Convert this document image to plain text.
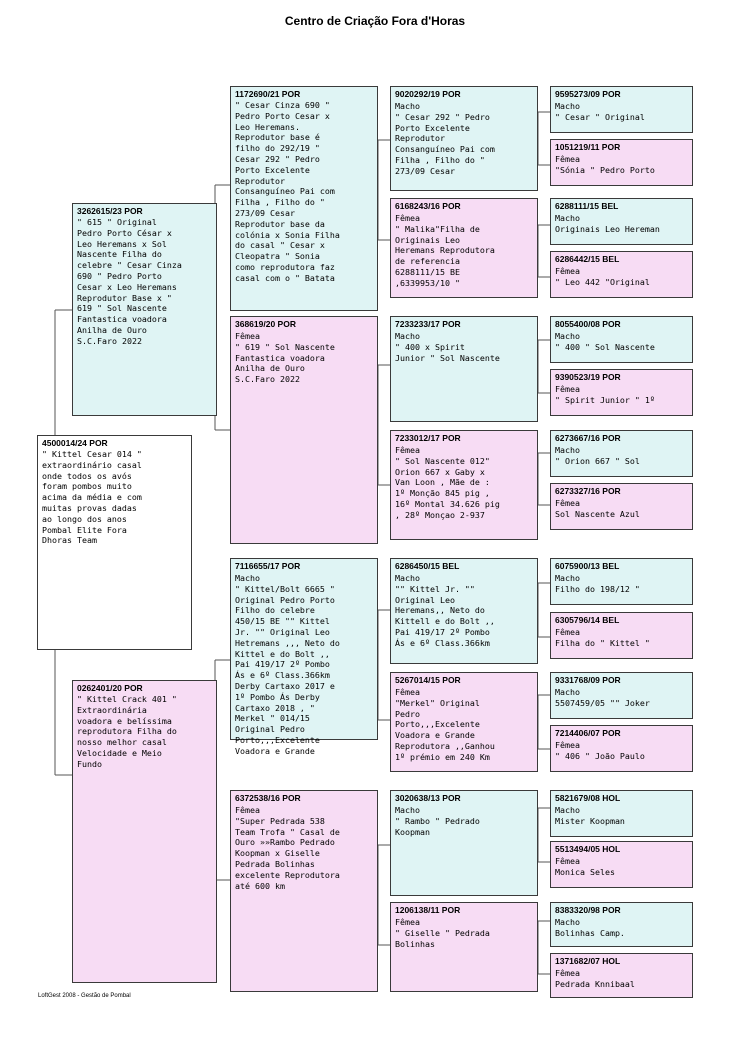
Centro de Criação Fora d'Horas
4500014/24 POR
" Kittel Cesar 014 "
extraordinário casal
onde todos os avós
foram pombos muito
acima da média e com
muitas provas dadas
ao longo dos anos
Pombal Elite Fora
Dhoras Team
3262615/23 POR
" 615 " Original
Pedro Porto César x
Leo Heremans x Sol
Nascente Filha do
celebre " Cesar Cinza
690 " Pedro Porto
Cesar x Leo Heremans
Reprodutor Base x "
619 " Sol Nascente
Fantastica voadora
Anilha de Ouro
S.C.Faro 2022
0262401/20 POR
" Kittel Crack 401 "
Extraordinária
voadora e belíssima
reprodutora Filha do
nosso melhor casal
Velocidade e Meio
Fundo
1172690/21 POR
" Cesar Cinza 690 "
Pedro Porto Cesar x
Leo Heremans.
Reprodutor base é
filho do 292/19 "
Cesar 292 " Pedro
Porto Excelente
Reprodutor
Consanguíneo Pai com
Filha , Filho do "
273/09 Cesar
Reprodutor base da
colónia x Sonia Filha
do casal " Cesar x
Cleopatra " Sonia
como reprodutora faz
casal com o " Batata
368619/20 POR
Fêmea
" 619 " Sol Nascente
Fantastica voadora
Anilha de Ouro
S.C.Faro 2022
7116655/17 POR
Macho
" Kittel/Bolt 6665 "
Original Pedro Porto
Filho do celebre
450/15 BE "" Kittel
Jr. "" Original Leo
Hetremans ,,, Neto do
Kittel e do Bolt ,,
Pai 419/17 2º Pombo
Ás e 6º Class.366km
Derby Cartaxo 2017 e
1º Pombo Ás Derby
Cartaxo 2018 , "
Merkel " 014/15
Original Pedro
Porto,,,Excelente
Voadora e Grande
6372538/16 POR
Fêmea
"Super Pedrada 538
Team Trofa " Casal de
Ouro »»Rambo Pedrado
Koopman x Giselle
Pedrada Bolinhas
excelente Reprodutora
até 600 km
9020292/19 POR
Macho
" Cesar 292 " Pedro
Porto Excelente
Reprodutor
Consanguíneo Pai com
Filha , Filho do "
273/09 Cesar
6168243/16 POR
Fêmea
" Malika"Filha de
Originais Leo
Heremans Reprodutora
de referencia
6288111/15 BE
,6339953/10 "
7233233/17 POR
Macho
" 400 x Spirit
Junior " Sol Nascente
7233012/17 POR
Fêmea
" Sol Nascente 012"
Orion 667 x Gaby x
Van Loon , Mãe de :
1º Monção 845 pig ,
16º Montal 34.626 pig
, 28º Monçao 2-937
6286450/15 BEL
Macho
"" Kittel Jr. ""
Original Leo
Heremans,, Neto do
Kittell e do Bolt ,,
Pai 419/17 2º Pombo
Ás e 6º Class.366km
5267014/15 POR
Fêmea
"Merkel" Original
Pedro
Porto,,,Excelente
Voadora e Grande
Reprodutora ,,Ganhou
1º prémio em 240 Km
3020638/13 POR
Macho
" Rambo " Pedrado
Koopman
1206138/11 POR
Fêmea
" Giselle " Pedrada
Bolinhas
9595273/09 POR
Macho
" Cesar " Original
1051219/11 POR
Fêmea
"Sónia " Pedro Porto
6288111/15 BEL
Macho
Originais Leo Hereman
6286442/15 BEL
Fêmea
" Leo 442 "Original
8055400/08 POR
Macho
" 400 " Sol Nascente
9390523/19 POR
Fêmea
" Spirit Junior " 1º
6273667/16 POR
Macho
" Orion 667 " Sol
6273327/16 POR
Fêmea
Sol Nascente Azul
6075900/13 BEL
Macho
Filho do 198/12 "
6305796/14 BEL
Fêmea
Filha do " Kittel "
9331768/09 POR
Macho
5507459/05 "" Joker
7214406/07 POR
Fêmea
" 406 " João Paulo
5821679/08 HOL
Macho
Mister Koopman
5513494/05 HOL
Fêmea
Monica Seles
8383320/98 POR
Macho
Bolinhas Camp.
1371682/07 HOL
Fêmea
Pedrada Knnibaal
LoftGest 2008 - Gestão de Pombal
